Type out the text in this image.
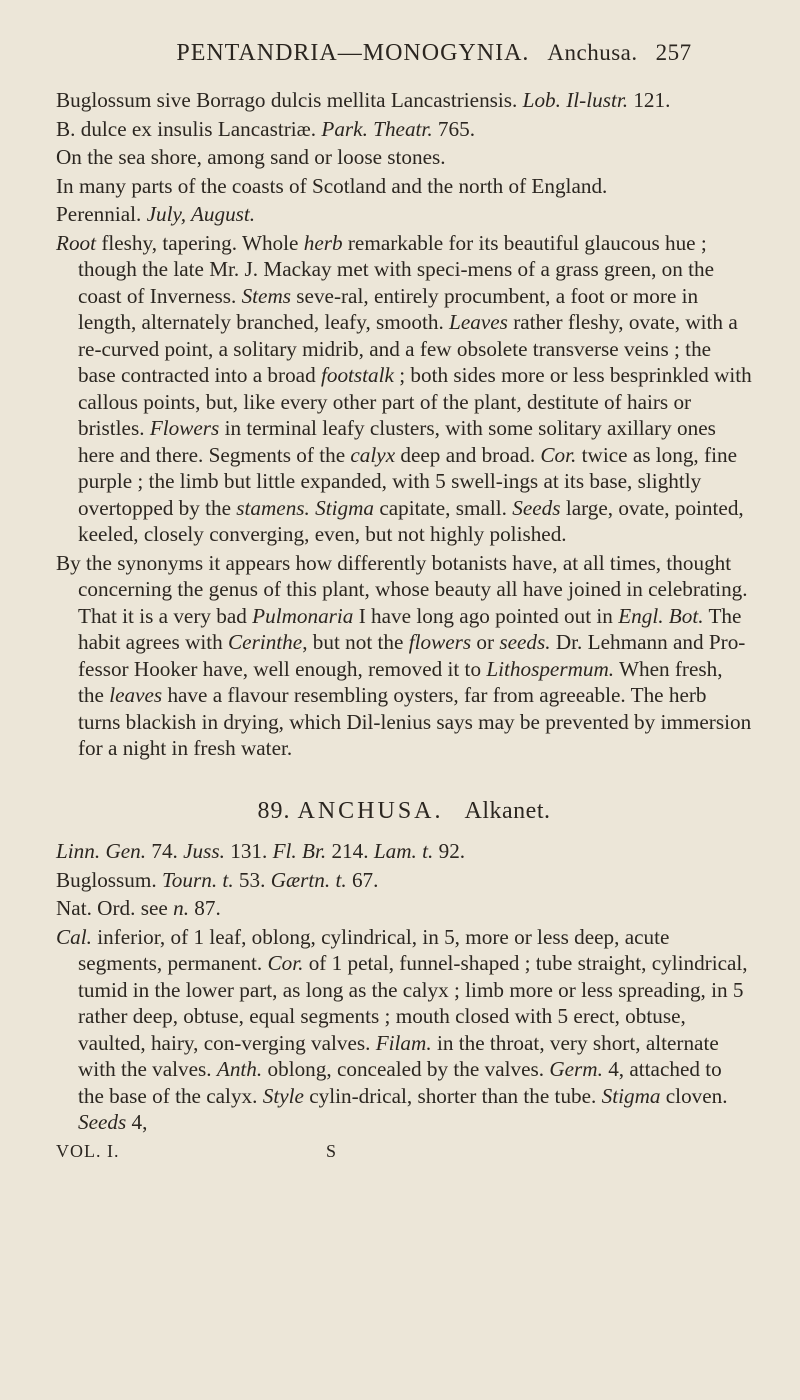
PENTANDRIA—MONOGYNIA. Anchusa. 257

Buglossum sive Borrago dulcis mellita Lancastriensis. Lob. Il-lustr. 121.

B. dulce ex insulis Lancastriæ. Park. Theatr. 765.

On the sea shore, among sand or loose stones.

In many parts of the coasts of Scotland and the north of England.

Perennial. July, August.

Root fleshy, tapering. Whole herb remarkable for its beautiful glaucous hue ; though the late Mr. J. Mackay met with speci-mens of a grass green, on the coast of Inverness. Stems seve-ral, entirely procumbent, a foot or more in length, alternately branched, leafy, smooth. Leaves rather fleshy, ovate, with a re-curved point, a solitary midrib, and a few obsolete transverse veins ; the base contracted into a broad footstalk ; both sides more or less besprinkled with callous points, but, like every other part of the plant, destitute of hairs or bristles. Flowers in terminal leafy clusters, with some solitary axillary ones here and there. Segments of the calyx deep and broad. Cor. twice as long, fine purple ; the limb but little expanded, with 5 swell-ings at its base, slightly overtopped by the stamens. Stigma capitate, small. Seeds large, ovate, pointed, keeled, closely converging, even, but not highly polished.

By the synonyms it appears how differently botanists have, at all times, thought concerning the genus of this plant, whose beauty all have joined in celebrating. That it is a very bad Pulmonaria I have long ago pointed out in Engl. Bot. The habit agrees with Cerinthe, but not the flowers or seeds. Dr. Lehmann and Pro-fessor Hooker have, well enough, removed it to Lithospermum. When fresh, the leaves have a flavour resembling oysters, far from agreeable. The herb turns blackish in drying, which Dil-lenius says may be prevented by immersion for a night in fresh water.

89. ANCHUSA. Alkanet.

Linn. Gen. 74. Juss. 131. Fl. Br. 214. Lam. t. 92.

Buglossum. Tourn. t. 53. Gærtn. t. 67.

Nat. Ord. see n. 87.

Cal. inferior, of 1 leaf, oblong, cylindrical, in 5, more or less deep, acute segments, permanent. Cor. of 1 petal, funnel-shaped ; tube straight, cylindrical, tumid in the lower part, as long as the calyx ; limb more or less spreading, in 5 rather deep, obtuse, equal segments ; mouth closed with 5 erect, obtuse, vaulted, hairy, con-verging valves. Filam. in the throat, very short, alternate with the valves. Anth. oblong, concealed by the valves. Germ. 4, attached to the base of the calyx. Style cylin-drical, shorter than the tube. Stigma cloven. Seeds 4,

VOL. I.	S
